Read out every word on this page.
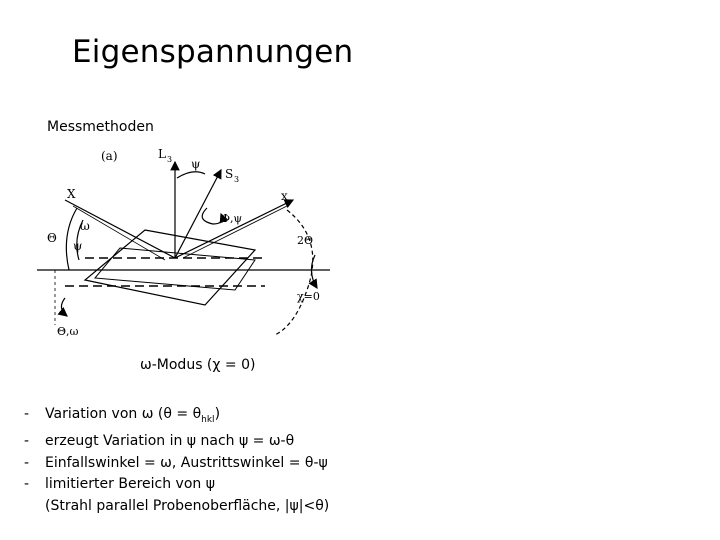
Eigenspannungen
Messmethoden
(a)	L 3
S 3
ψ
Φ,ψ
X	x
ω
Θ
ψ	2Θ
χ=0
Θ,ω
ω-Modus (χ = 0)
-	Variation von ω $(\theta = \theta_{hkl})$
-	erzeugt Variation in ψ nach ψ = ω-θ
-	Einfallswinkel = ω, Austrittswinkel = θ-ψ
-	limitierter Bereich von ψ
(Strahl parallel Probenoberfläche, |ψ|<θ)
